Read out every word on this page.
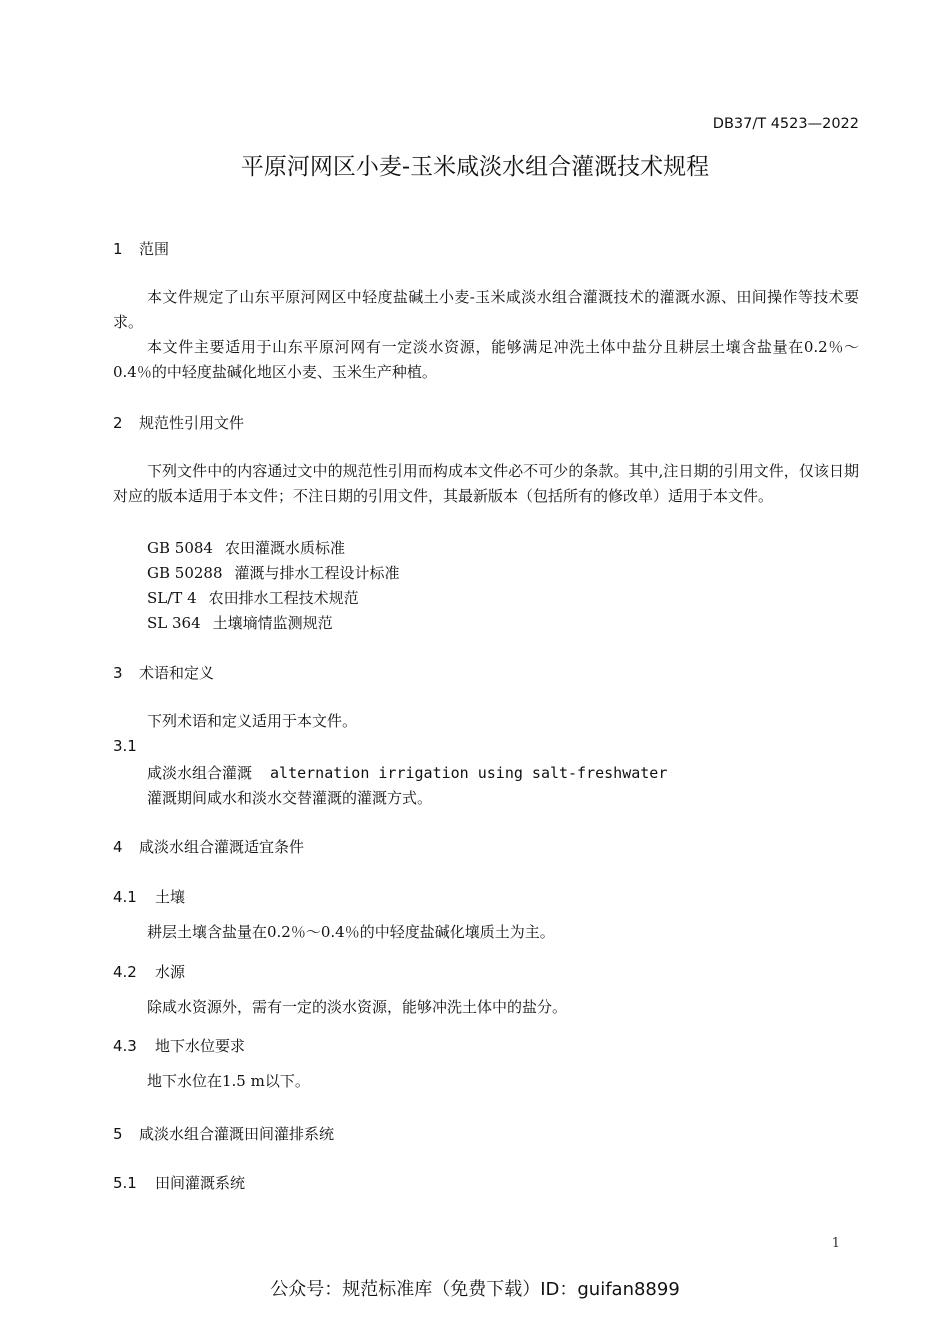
DB37/T 4523—2022
平原河网区小麦-玉米咸淡水组合灌溉技术规程
1 范围
本文件规定了山东平原河网区中轻度盐碱土小麦-玉米咸淡水组合灌溉技术的灌溉水源、田间操作等技术要求。
本文件主要适用于山东平原河网有一定淡水资源，能够满足冲洗土体中盐分且耕层土壤含盐量在0.2％～0.4％的中轻度盐碱化地区小麦、玉米生产种植。
2 规范性引用文件
下列文件中的内容通过文中的规范性引用而构成本文件必不可少的条款。其中,注日期的引用文件，仅该日期对应的版本适用于本文件；不注日期的引用文件，其最新版本（包括所有的修改单）适用于本文件。
GB 5084 农田灌溉水质标准
GB 50288 灌溉与排水工程设计标准
SL/T 4 农田排水工程技术规范
SL 364 土壤墒情监测规范
3 术语和定义
下列术语和定义适用于本文件。
3.1
咸淡水组合灌溉 alternation irrigation using salt-freshwater
灌溉期间咸水和淡水交替灌溉的灌溉方式。
4 咸淡水组合灌溉适宜条件
4.1 土壤
耕层土壤含盐量在0.2％～0.4％的中轻度盐碱化壤质土为主。
4.2 水源
除咸水资源外，需有一定的淡水资源，能够冲洗土体中的盐分。
4.3 地下水位要求
地下水位在1.5 m以下。
5 咸淡水组合灌溉田间灌排系统
5.1 田间灌溉系统
1
公众号：规范标准库（免费下载）ID：guifan8899
